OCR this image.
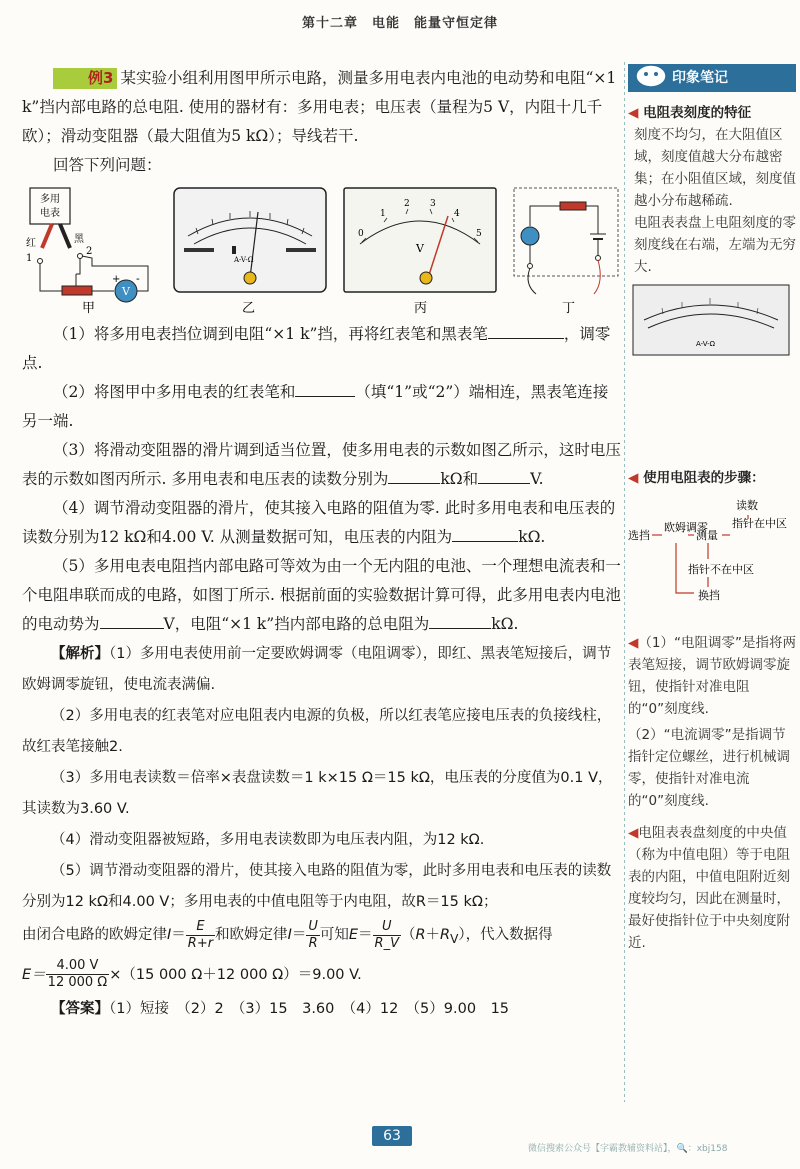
第十二章　电能　能量守恒定律

例3 某实验小组利用图甲所示电路，测量多用电表内电池的电动势和电阻“×1 k”挡内部电路的总电阻. 使用的器材有：多用电表；电压表（量程为5 V，内阻十几千欧）；滑动变阻器（最大阻值为5 kΩ）；导线若干.

回答下列问题：

多用
电表
红	黑
1
2
V
+ -
甲
A-V-Ω
乙
0
1
2 3
4
5
V
丙	丁

（1）将多用电表挡位调到电阻“×1 k”挡，再将红表笔和黑表笔	，调零点.

（2）将图甲中多用电表的红表笔和	（填“1”或“2”）端相连，黑表笔连接另一端.

（3）将滑动变阻器的滑片调到适当位置，使多用电表的示数如图乙所示，这时电压表的示数如图丙所示. 多用电表和电压表的读数分别为	kΩ和	V.

（4）调节滑动变阻器的滑片，使其接入电路的阻值为零. 此时多用电表和电压表的读数分别为12 kΩ和4.00 V. 从测量数据可知，电压表的内阻为	kΩ.

（5）多用电表电阻挡内部电路可等效为由一个无内阻的电池、一个理想电流表和一个电阻串联而成的电路，如图丁所示. 根据前面的实验数据计算可得，此多用电表内电池的电动势为	V，电阻“×1 k”挡内部电路的总电阻为	kΩ.

【解析】（1）多用电表使用前一定要欧姆调零（电阻调零），即红、黑表笔短接后，调节欧姆调零旋钮，使电流表满偏.

（2）多用电表的红表笔对应电阻表内电源的负极，所以红表笔应接电压表的负接线柱，故红表笔接触2.

（3）多用电表读数＝倍率×表盘读数＝1 k×15 Ω＝15 kΩ，电压表的分度值为0.1 V，其读数为3.60 V.

（4）滑动变阻器被短路，多用电表读数即为电压表内阻，为12 kΩ.

（5）调节滑动变阻器的滑片，使其接入电路的阻值为零，此时多用电表和电压表的读数分别为12 kΩ和4.00 V；多用电表的中值电阻等于内电阻，故R＝15 kΩ；

由闭合电路的欧姆定律$I= \frac{E}{R+r}$ 和欧姆定律$I= \frac{U}{R}$ 可知$E= \frac{U}{R\_V} (R+R_V)$，代入数据得

$E= \frac{4.00 V}{12 000 \Omega} \times(15$ 000 Ω＋12 000 Ω）＝9.00 V.

【答案】（1）短接　（2）2　（3）15　3.60　（4）12　（5）9.00　15

印象笔记
◀ 电阻表刻度的特征

刻度不均匀，在大阻值区域，刻度值越大分布越密集；在小阻值区域，刻度值越小分布越稀疏.

电阻表表盘上电阻刻度的零刻度线在右端，左端为无穷大.

A-V-Ω
◀ 使用电阻表的步骤：
选挡
欧姆调零
测量
读数
指针在中区
指针不在中区
换挡
◀（1）“电阻调零”是指将两表笔短接，调节欧姆调零旋钮，使指针对准电阻的“0”刻度线.
（2）“电流调零”是指调节指针定位螺丝，进行机械调零，使指针对准电流的“0”刻度线.
◀电阻表表盘刻度的中央值（称为中值电阻）等于电阻表的内阻，中值电阻附近刻度较均匀，因此在测量时，最好使指针位于中央刻度附近.
63
微信搜索公众号【字霸教辅资料站】，🔍：xbj158
